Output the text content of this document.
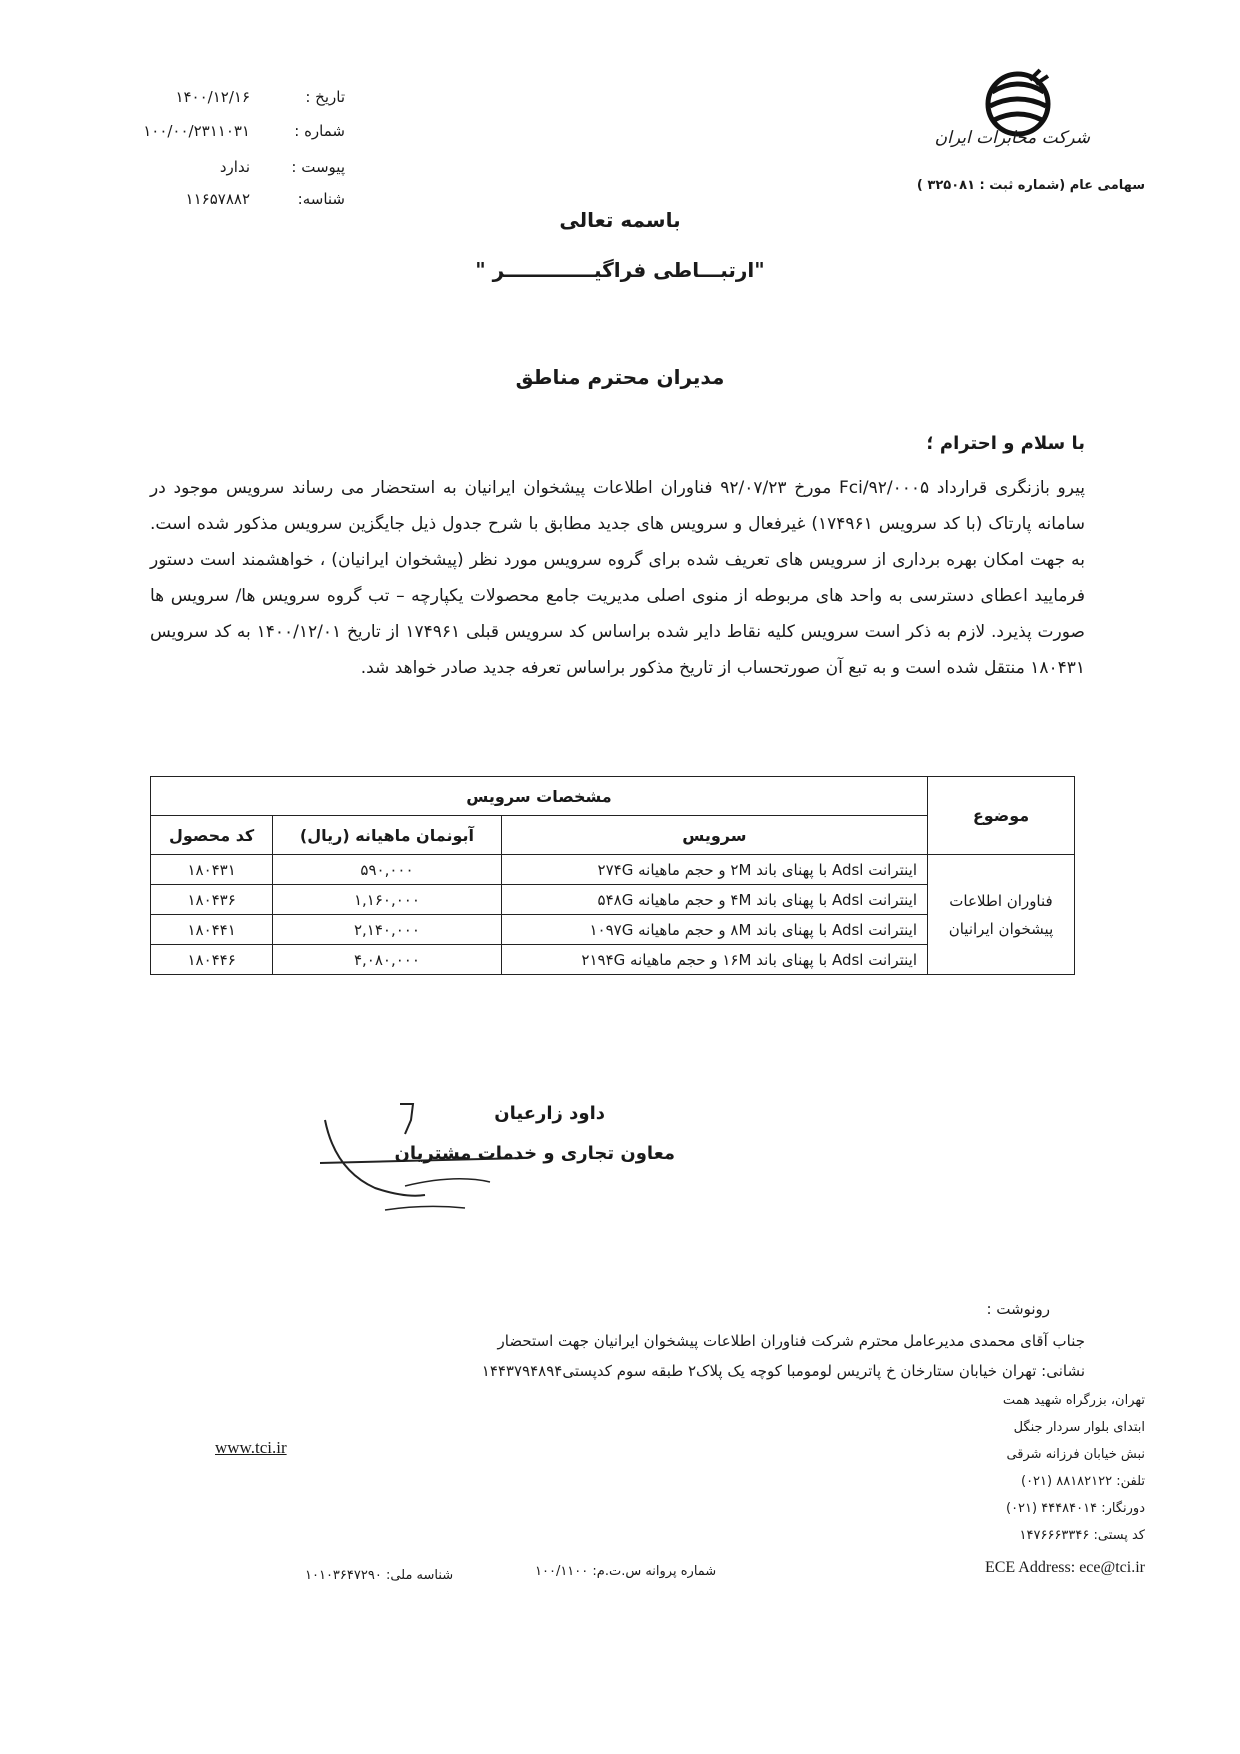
شرکت مخابرات ایران
سهامی عام (شماره ثبت : ۳۲۵۰۸۱ )
تاریخ :
۱۴۰۰/۱۲/۱۶
شماره :
۱۰۰/۰۰/۲۳۱۱۰۳۱
پیوست :
ندارد
شناسه:
۱۱۶۵۷۸۸۲
باسمه تعالی
"ارتبـــاطی فراگیـــــــــــــر "
مدیران محترم مناطق
با سلام و احترام ؛
پیرو بازنگری قرارداد Fci/۹۲/۰۰۰۵ مورخ ۹۲/۰۷/۲۳ فناوران اطلاعات پیشخوان ایرانیان به استحضار می رساند سرویس موجود در سامانه پارتاک (با کد سرویس ۱۷۴۹۶۱) غیرفعال و سرویس های جدید مطابق با شرح جدول ذیل جایگزین سرویس مذکور شده است. به جهت امکان بهره برداری از سرویس های تعریف شده برای گروه سرویس مورد نظر (پیشخوان ایرانیان) ، خواهشمند است دستور فرمایید اعطای دسترسی به واحد های مربوطه از منوی اصلی مدیریت جامع محصولات یکپارچه – تب گروه سرویس ها/ سرویس ها صورت پذیرد. لازم به ذکر است سرویس کلیه نقاط دایر شده براساس کد سرویس قبلی ۱۷۴۹۶۱ از تاریخ ۱۴۰۰/۱۲/۰۱ به کد سرویس ۱۸۰۴۳۱ منتقل شده است و به تبع آن صورتحساب از تاریخ مذکور براساس تعرفه جدید صادر خواهد شد.
موضوع	مشخصات سرویس		
	سرویس	آبونمان ماهیانه (ریال)	کد محصول
فناوران اطلاعات پیشخوان ایرانیان	اینترانت Adsl با پهنای باند ۲M و حجم ماهیانه ۲۷۴G	۵۹۰,۰۰۰	۱۸۰۴۳۱
	اینترانت Adsl با پهنای باند ۴M و حجم ماهیانه ۵۴۸G	۱,۱۶۰,۰۰۰	۱۸۰۴۳۶
	اینترانت Adsl با پهنای باند ۸M و حجم ماهیانه ۱۰۹۷G	۲,۱۴۰,۰۰۰	۱۸۰۴۴۱
	اینترانت Adsl با پهنای باند ۱۶M و حجم ماهیانه ۲۱۹۴G	۴,۰۸۰,۰۰۰	۱۸۰۴۴۶
داود زارعیان
معاون تجاری و خدمات مشتریان
رونوشت :
جناب آقای محمدی مدیرعامل محترم شرکت فناوران اطلاعات پیشخوان ایرانیان جهت استحضار
نشانی: تهران خیابان ستارخان خ پاتریس لومومبا کوچه یک پلاک۲ طبقه سوم کدپستی۱۴۴۳۷۹۴۸۹۴
www.tci.ir
تهران، بزرگراه شهید همت
ابتدای بلوار سردار جنگل
نبش خیابان فرزانه شرقی
تلفن: ۸۸۱۸۲۱۲۲ (۰۲۱)
دورنگار: ۴۴۴۸۴۰۱۴ (۰۲۱)
کد پستی: ۱۴۷۶۶۶۳۳۴۶
ECE Address: ece@tci.ir
شماره پروانه س.ت.م: ۱۰۰/۱۱۰۰
شناسه ملی: ۱۰۱۰۳۶۴۷۲۹۰
